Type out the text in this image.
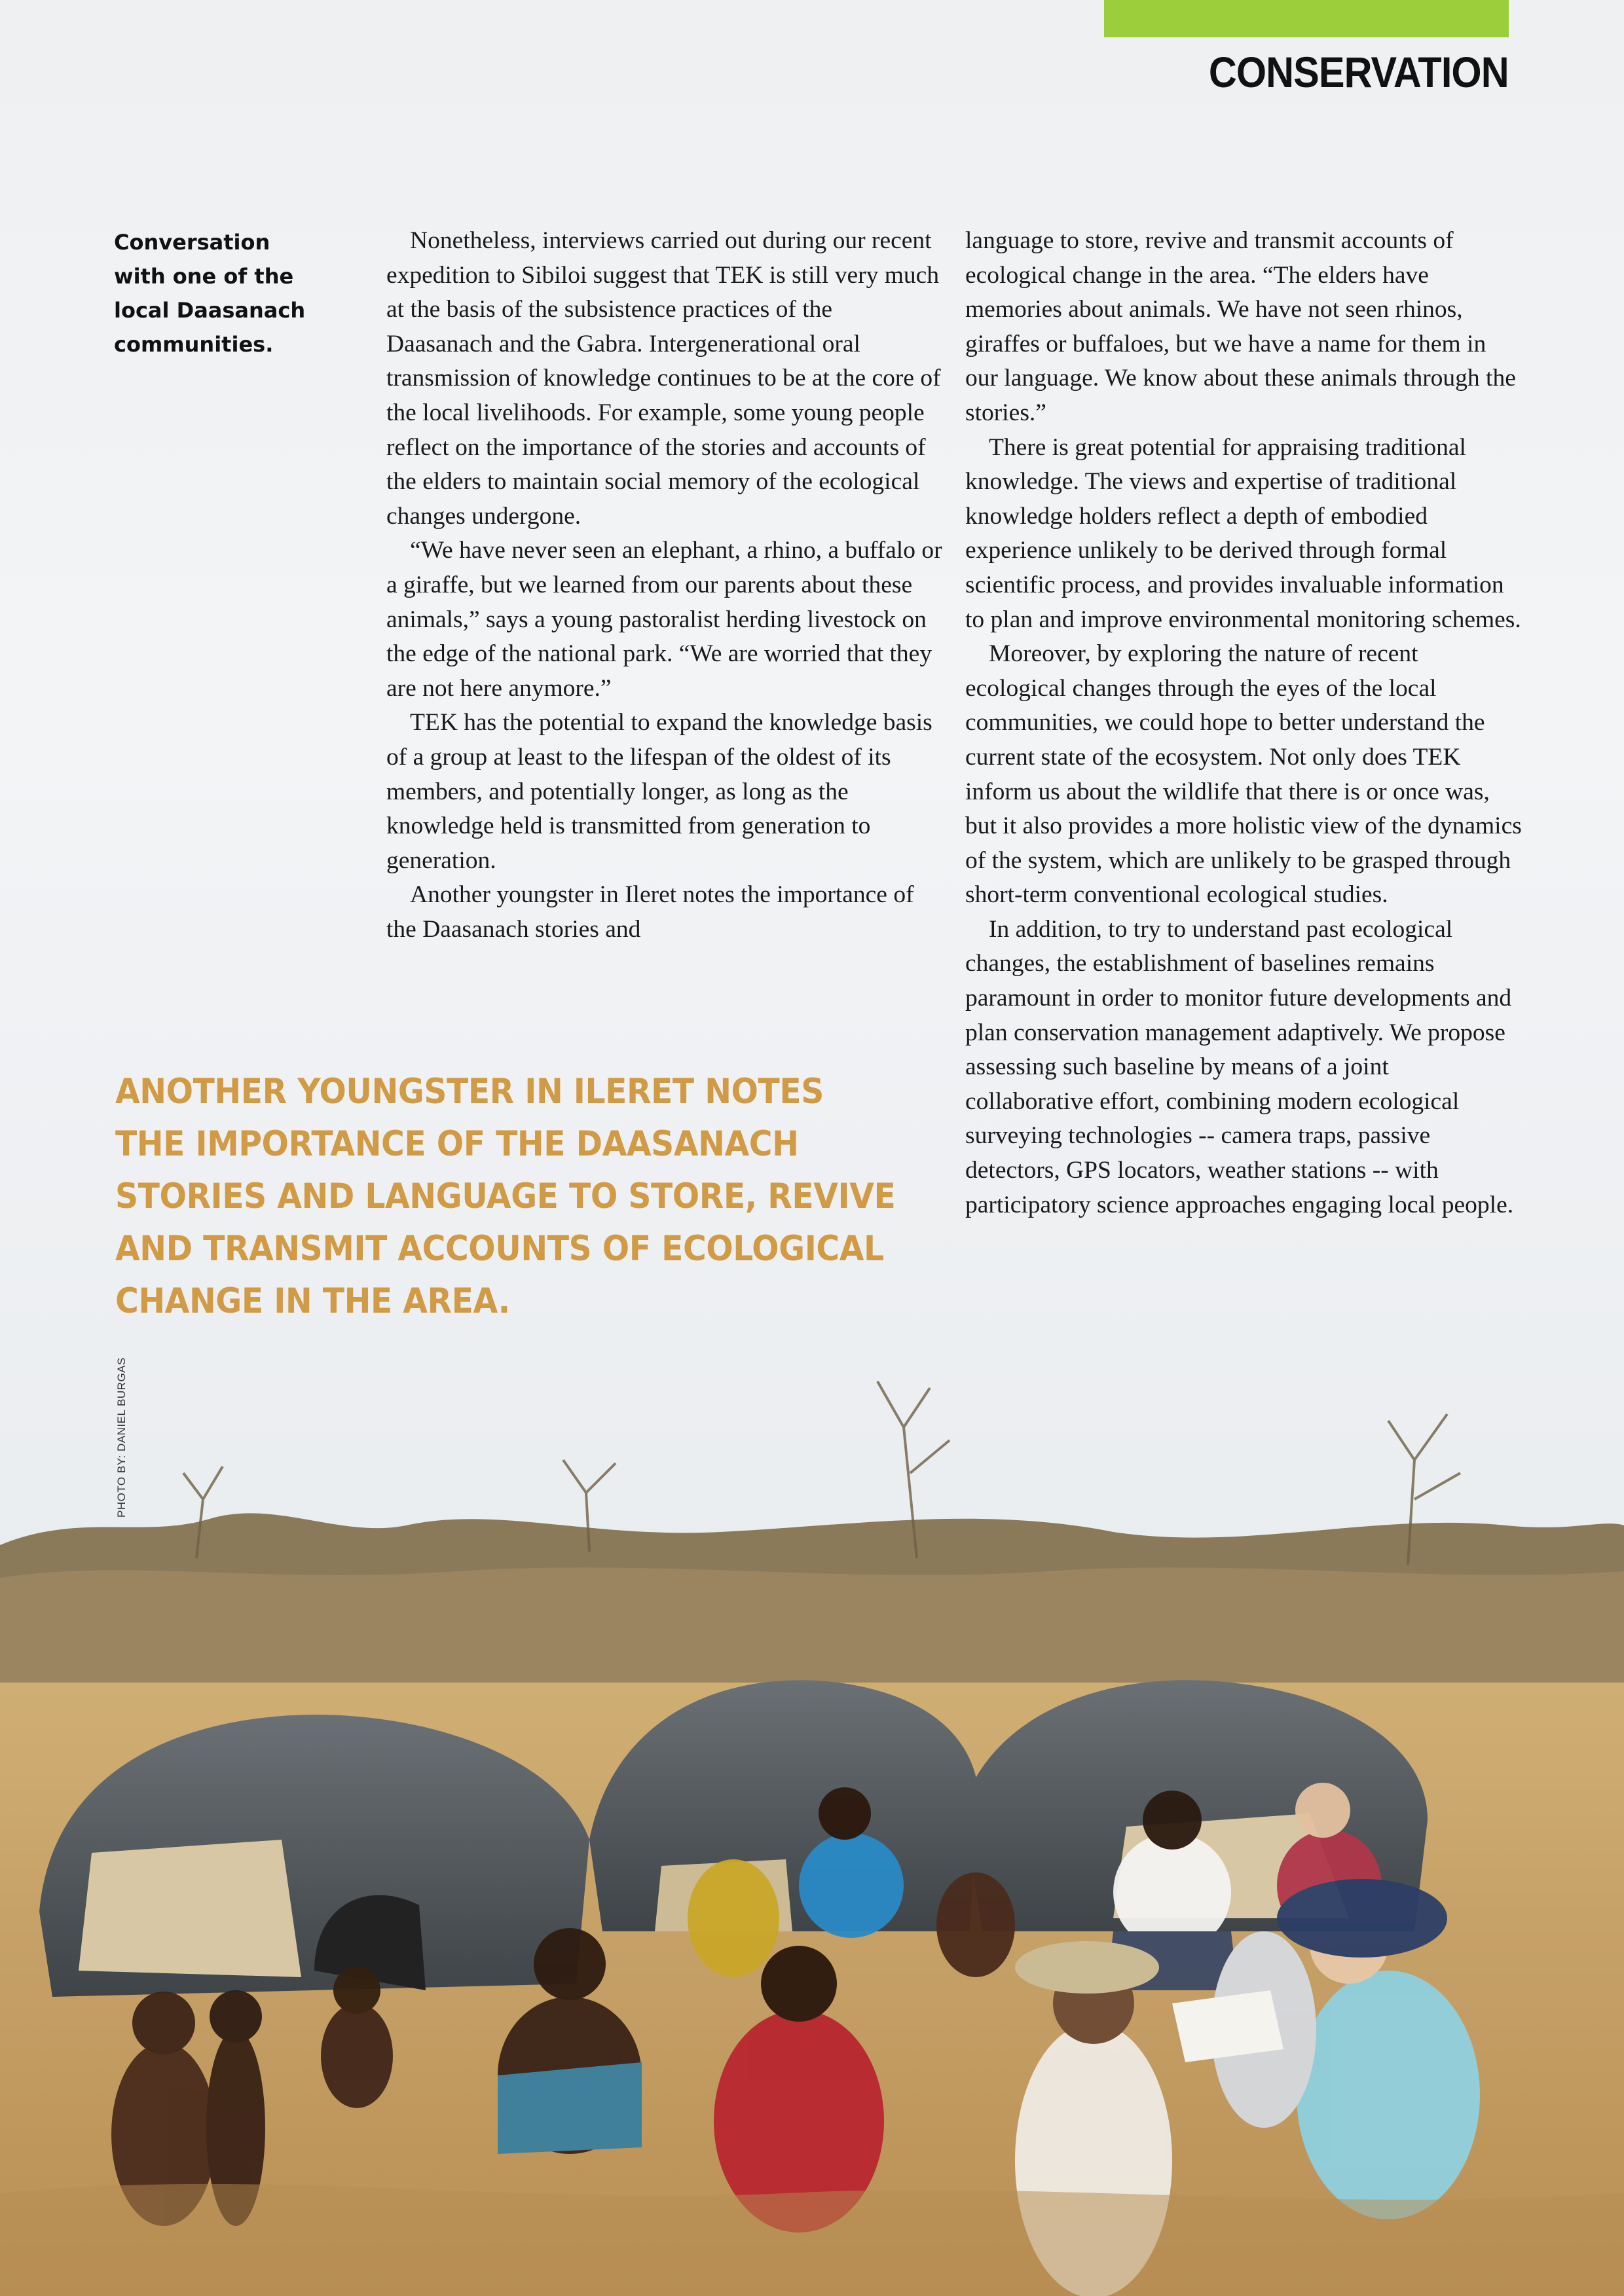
CONSERVATION
Conversation with one of the local Daasanach communities.

Nonetheless, interviews carried out during our recent expedition to Sibiloi suggest that TEK is still very much at the basis of the subsistence practices of the Daasanach and the Gabra. Intergenerational oral transmission of knowledge continues to be at the core of the local livelihoods. For example, some young people reflect on the importance of the stories and accounts of the elders to maintain social memory of the ecological changes undergone.

“We have never seen an elephant, a rhino, a buffalo or a giraffe, but we learned from our parents about these animals,” says a young pastoralist herding livestock on the edge of the national park. “We are worried that they are not here anymore.”

TEK has the potential to expand the knowledge basis of a group at least to the lifespan of the oldest of its members, and potentially longer, as long as the knowledge held is transmitted from generation to generation.

Another youngster in Ileret notes the importance of the Daasanach stories and

language to store, revive and transmit accounts of ecological change in the area. “The elders have memories about animals. We have not seen rhinos, giraffes or buffaloes, but we have a name for them in our language. We know about these animals through the stories.”

There is great potential for appraising traditional knowledge. The views and expertise of traditional knowledge holders reflect a depth of embodied experience unlikely to be derived through formal scientific process, and provides invaluable information to plan and improve environmental monitoring schemes.

Moreover, by exploring the nature of recent ecological changes through the eyes of the local communities, we could hope to better understand the current state of the ecosystem. Not only does TEK inform us about the wildlife that there is or once was, but it also provides a more holistic view of the dynamics of the system, which are unlikely to be grasped through short-term conventional ecological studies.

In addition, to try to understand past ecological changes, the establishment of baselines remains paramount in order to monitor future developments and plan conservation management adaptively. We propose assessing such baseline by means of a joint collaborative effort, combining modern ecological surveying technologies -- camera traps, passive detectors, GPS locators, weather stations -- with participatory science approaches engaging local people.

ANOTHER YOUNGSTER IN ILERET NOTES THE IMPORTANCE OF THE DAASANACH STORIES AND LANGUAGE TO STORE, REVIVE AND TRANSMIT ACCOUNTS OF ECOLOGICAL CHANGE IN THE AREA.
PHOTO BY: DANIEL BURGAS
